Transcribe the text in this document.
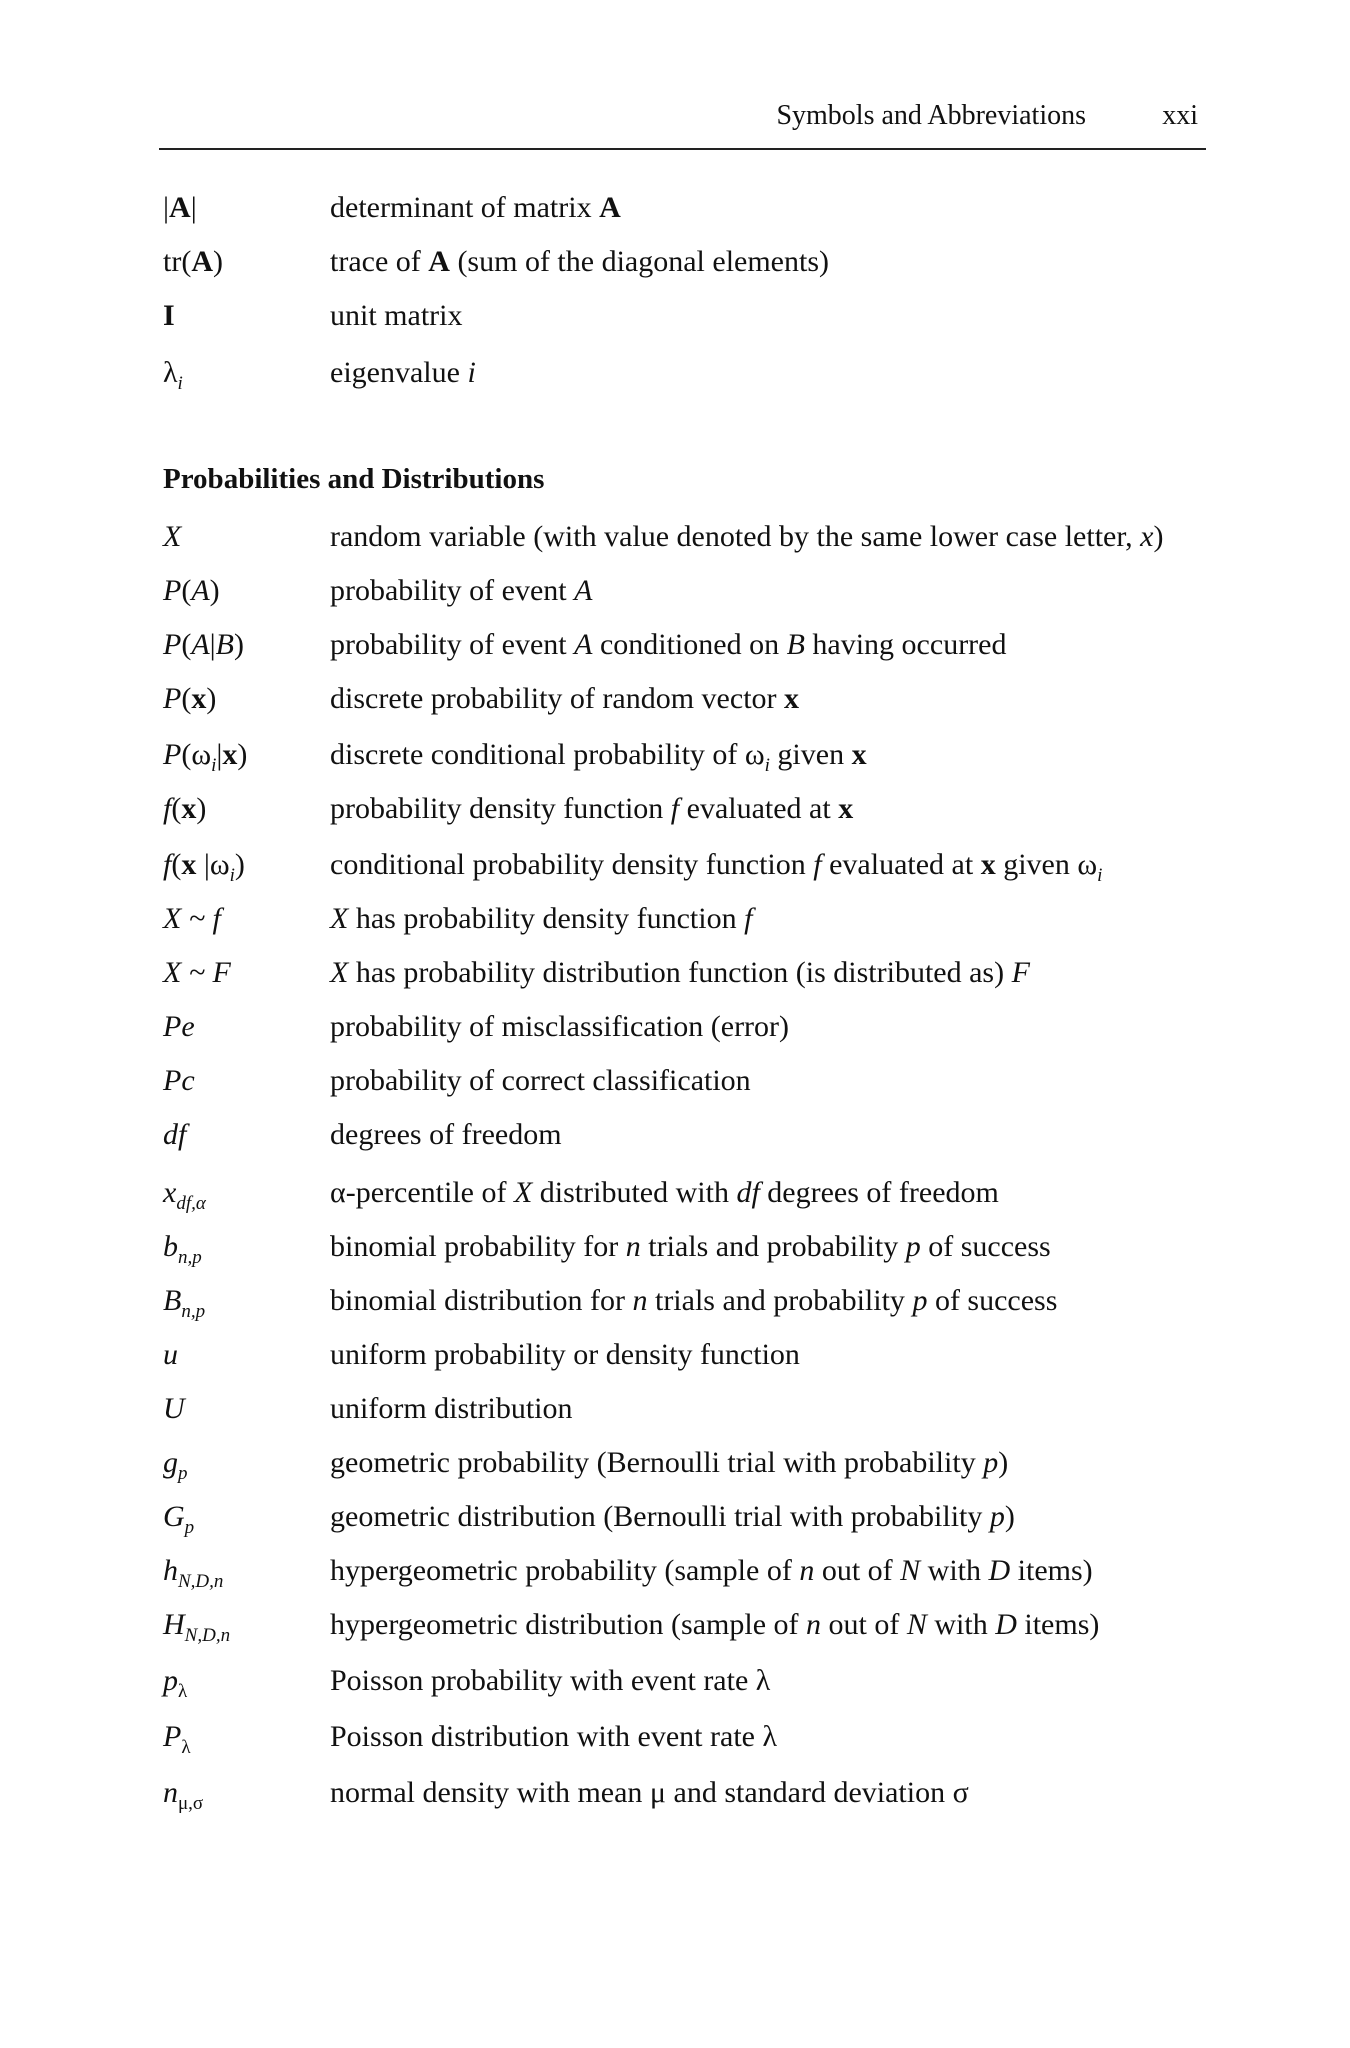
Symbols and Abbreviations	xxi
|A|	determinant of matrix A
tr(A)	trace of A (sum of the diagonal elements)
I	unit matrix
$\lambda_i$	eigenvalue i
Probabilities and Distributions
X	random variable (with value denoted by the same lower case letter, x)
P(A)	probability of event A
P(A|B)	probability of event A conditioned on B having occurred
P(x)	discrete probability of random vector x
$P(\omega_i|x)$	discrete conditional probability of $\omega_i$ given x
f(x)	probability density function f evaluated at x
f(x $|\omega_i$)	conditional probability density function f evaluated at x given $\omega_i$
X ~ f	X has probability density function f
X ~ F	X has probability distribution function (is distributed as) F
Pe	probability of misclassification (error)
Pc	probability of correct classification
df	degrees of freedom
$x_{df,\alpha}$	α-percentile of X distributed with df degrees of freedom
$b_{n,p}$	binomial probability for n trials and probability p of success
$B_{n,p}$	binomial distribution for n trials and probability p of success
u	uniform probability or density function
U	uniform distribution
$g_p$	geometric probability (Bernoulli trial with probability p)
$G_p$	geometric distribution (Bernoulli trial with probability p)
$h_{N,D,n}$	hypergeometric probability (sample of n out of N with D items)
$H_{N,D,n}$	hypergeometric distribution (sample of n out of N with D items)
$p_\lambda$	Poisson probability with event rate λ
$P_\lambda$	Poisson distribution with event rate λ
$n_{\mu,\sigma}$	normal density with mean μ and standard deviation σ
